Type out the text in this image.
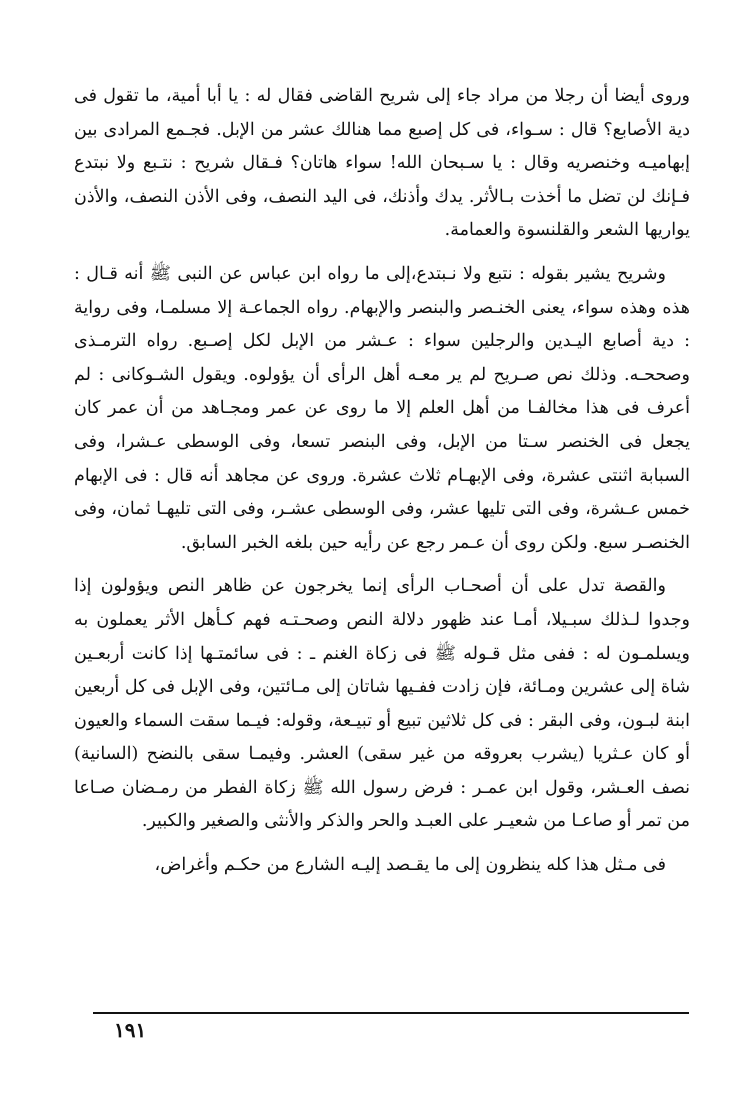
وروى أيضا أن رجلا من مراد جاء إلى شريح القاضى فقال له : يا أبا أمية، ما تقول فى دية الأصابع؟ قال : سـواء، فى كل إصبع مما هنالك عشر من الإبل. فجـمع المرادى بين إبهاميـه وخنصريه وقال : يا سـبحان الله! سواء هاتان؟ فـقال شريح : نتـبع ولا نبتدع فـإنك لن تضل ما أخذت بـالأثر. يدك وأذنك، فى اليد النصف، وفى الأذن النصف، والأذن يواريها الشعر والقلنسوة والعمامة.

وشريح يشير بقوله : نتبع ولا نـبتدع،إلى ما رواه ابن عباس عن النبى ﷺ أنه قـال : هذه وهذه سواء، يعنى الخنـصر والبنصر والإبهام. رواه الجماعـة إلا مسلمـا، وفى رواية : دية أصابع اليـدين والرجلين سواء : عـشر من الإبل لكل إصـبع. رواه الترمـذى وصححـه. وذلك نص صـريح لم ير معـه أهل الرأى أن يؤولوه. ويقول الشـوكانى : لم أعرف فى هذا مخالفـا من أهل العلم إلا ما روى عن عمر ومجـاهد من أن عمر كان يجعل فى الخنصر سـتا من الإبل، وفى البنصر تسعا، وفى الوسطى عـشرا، وفى السبابة اثنتى عشرة، وفى الإبهـام ثلاث عشرة. وروى عن مجاهد أنه قال : فى الإبهام خمس عـشرة، وفى التى تليها عشر، وفى الوسطى عشـر، وفى التى تليهـا ثمان، وفى الخنصـر سبع. ولكن روى أن عـمر رجع عن رأيه حين بلغه الخبر السابق.

والقصة تدل على أن أصحـاب الرأى إنما يخرجون عن ظاهر النص ويؤولون إذا وجدوا لـذلك سبـيلا، أمـا عند ظهور دلالة النص وصحـتـه فهم كـأهل الأثر يعملون به ويسلمـون له : ففى مثل قـوله ﷺ فى زكاة الغنم ـ : فى سائمتـها إذا كانت أربعـين شاة إلى عشرين ومـائة، فإن زادت ففـيها شاتان إلى مـائتين، وفى الإبل فى كل أربعين ابنة لبـون، وفى البقر : فى كل ثلاثين تبيع أو تبيـعة، وقوله: فيـما سقت السماء والعيون أو كان عـثريا (يشرب بعروقه من غير سقى) العشر. وفيمـا سقى بالنضح (السانية) نصف العـشر، وقول ابن عمـر : فرض رسول الله ﷺ زكاة الفطر من رمـضان صـاعا من تمر أو صاعـا من شعيـر على العبـد والحر والذكر والأنثى والصغير والكبير.

فى مـثل هذا كله ينظرون إلى ما يقـصد إليـه الشارع من حكـم وأغراض،

١٩١
